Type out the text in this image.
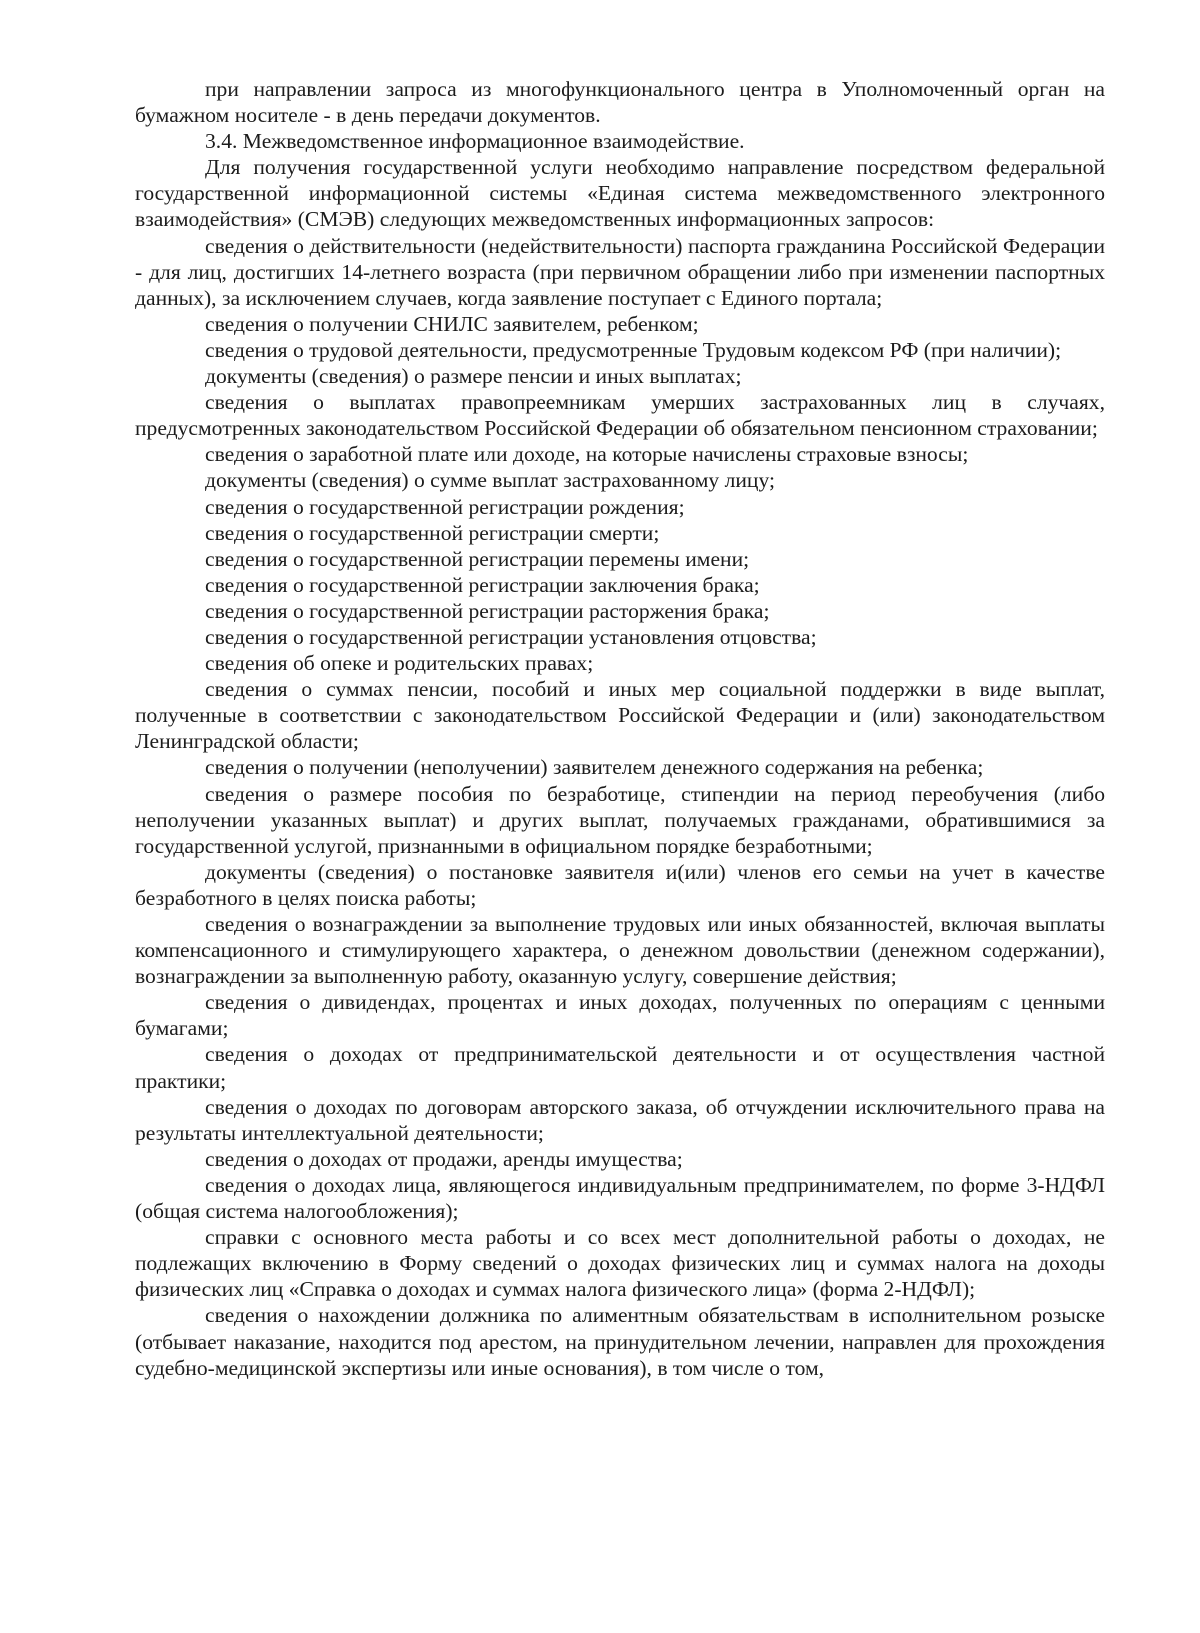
при направлении запроса из многофункционального центра в Уполномоченный орган на бумажном носителе - в день передачи документов.

3.4. Межведомственное информационное взаимодействие.

Для получения государственной услуги необходимо направление посредством федеральной государственной информационной системы «Единая система межведомственного электронного взаимодействия» (СМЭВ) следующих межведомственных информационных запросов:

сведения о действительности (недействительности) паспорта гражданина Российской Федерации - для лиц, достигших 14-летнего возраста (при первичном обращении либо при изменении паспортных данных), за исключением случаев, когда заявление поступает с Единого портала;

сведения о получении СНИЛС заявителем, ребенком;

сведения о трудовой деятельности, предусмотренные Трудовым кодексом РФ (при наличии);

документы (сведения) о размере пенсии и иных выплатах;

сведения о выплатах правопреемникам умерших застрахованных лиц в случаях, предусмотренных законодательством Российской Федерации об обязательном пенсионном страховании;

сведения о заработной плате или доходе, на которые начислены страховые взносы;

документы (сведения) о сумме выплат застрахованному лицу;

сведения о государственной регистрации рождения;

сведения о государственной регистрации смерти;

сведения о государственной регистрации перемены имени;

сведения о государственной регистрации заключения брака;

сведения о государственной регистрации расторжения брака;

сведения о государственной регистрации установления отцовства;

сведения об опеке и родительских правах;

сведения о суммах пенсии, пособий и иных мер социальной поддержки в виде выплат, полученные в соответствии с законодательством Российской Федерации и (или) законодательством Ленинградской области;

сведения о получении (неполучении) заявителем денежного содержания на ребенка;

сведения о размере пособия по безработице, стипендии на период переобучения (либо неполучении указанных выплат) и других выплат, получаемых гражданами, обратившимися за государственной услугой, признанными в официальном порядке безработными;

документы (сведения) о постановке заявителя и(или) членов его семьи на учет в качестве безработного в целях поиска работы;

сведения о вознаграждении за выполнение трудовых или иных обязанностей, включая выплаты компенсационного и стимулирующего характера, о денежном довольствии (денежном содержании), вознаграждении за выполненную работу, оказанную услугу, совершение действия;

сведения о дивидендах, процентах и иных доходах, полученных по операциям с ценными бумагами;

сведения о доходах от предпринимательской деятельности и от осуществления частной практики;

сведения о доходах по договорам авторского заказа, об отчуждении исключительного права на результаты интеллектуальной деятельности;

сведения о доходах от продажи, аренды имущества;

сведения о доходах лица, являющегося индивидуальным предпринимателем, по форме 3-НДФЛ (общая система налогообложения);

справки с основного места работы и со всех мест дополнительной работы о доходах, не подлежащих включению в Форму сведений о доходах физических лиц и суммах налога на доходы физических лиц «Справка о доходах и суммах налога физического лица» (форма 2-НДФЛ);

сведения о нахождении должника по алиментным обязательствам в исполнительном розыске (отбывает наказание, находится под арестом, на принудительном лечении, направлен для прохождения судебно-медицинской экспертизы или иные основания), в том числе о том,
